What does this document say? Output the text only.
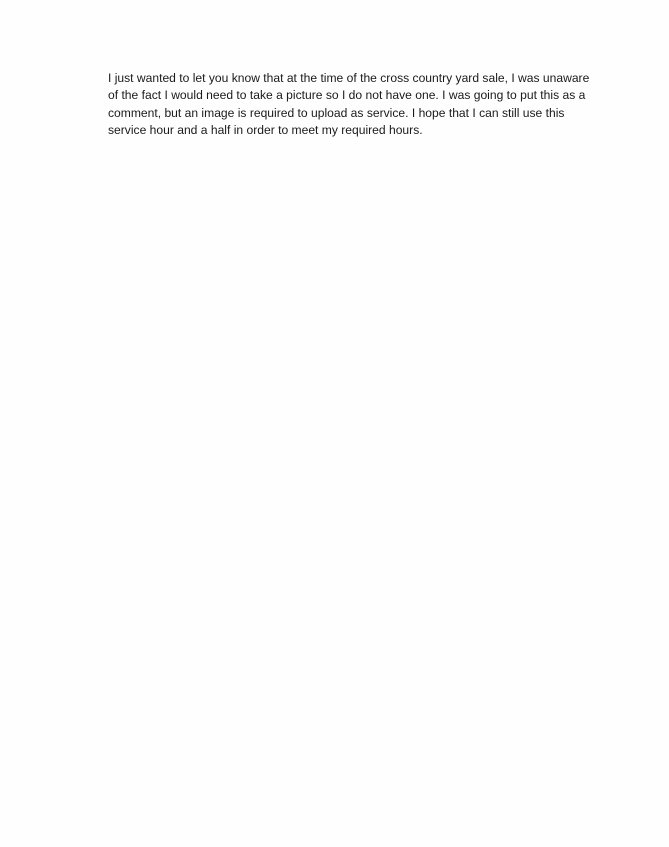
I just wanted to let you know that at the time of the cross country yard sale, I was unaware
of the fact I would need to take a picture so I do not have one. I was going to put this as a
comment, but an image is required to upload as service. I hope that I can still use this
service hour and a half in order to meet my required hours.
